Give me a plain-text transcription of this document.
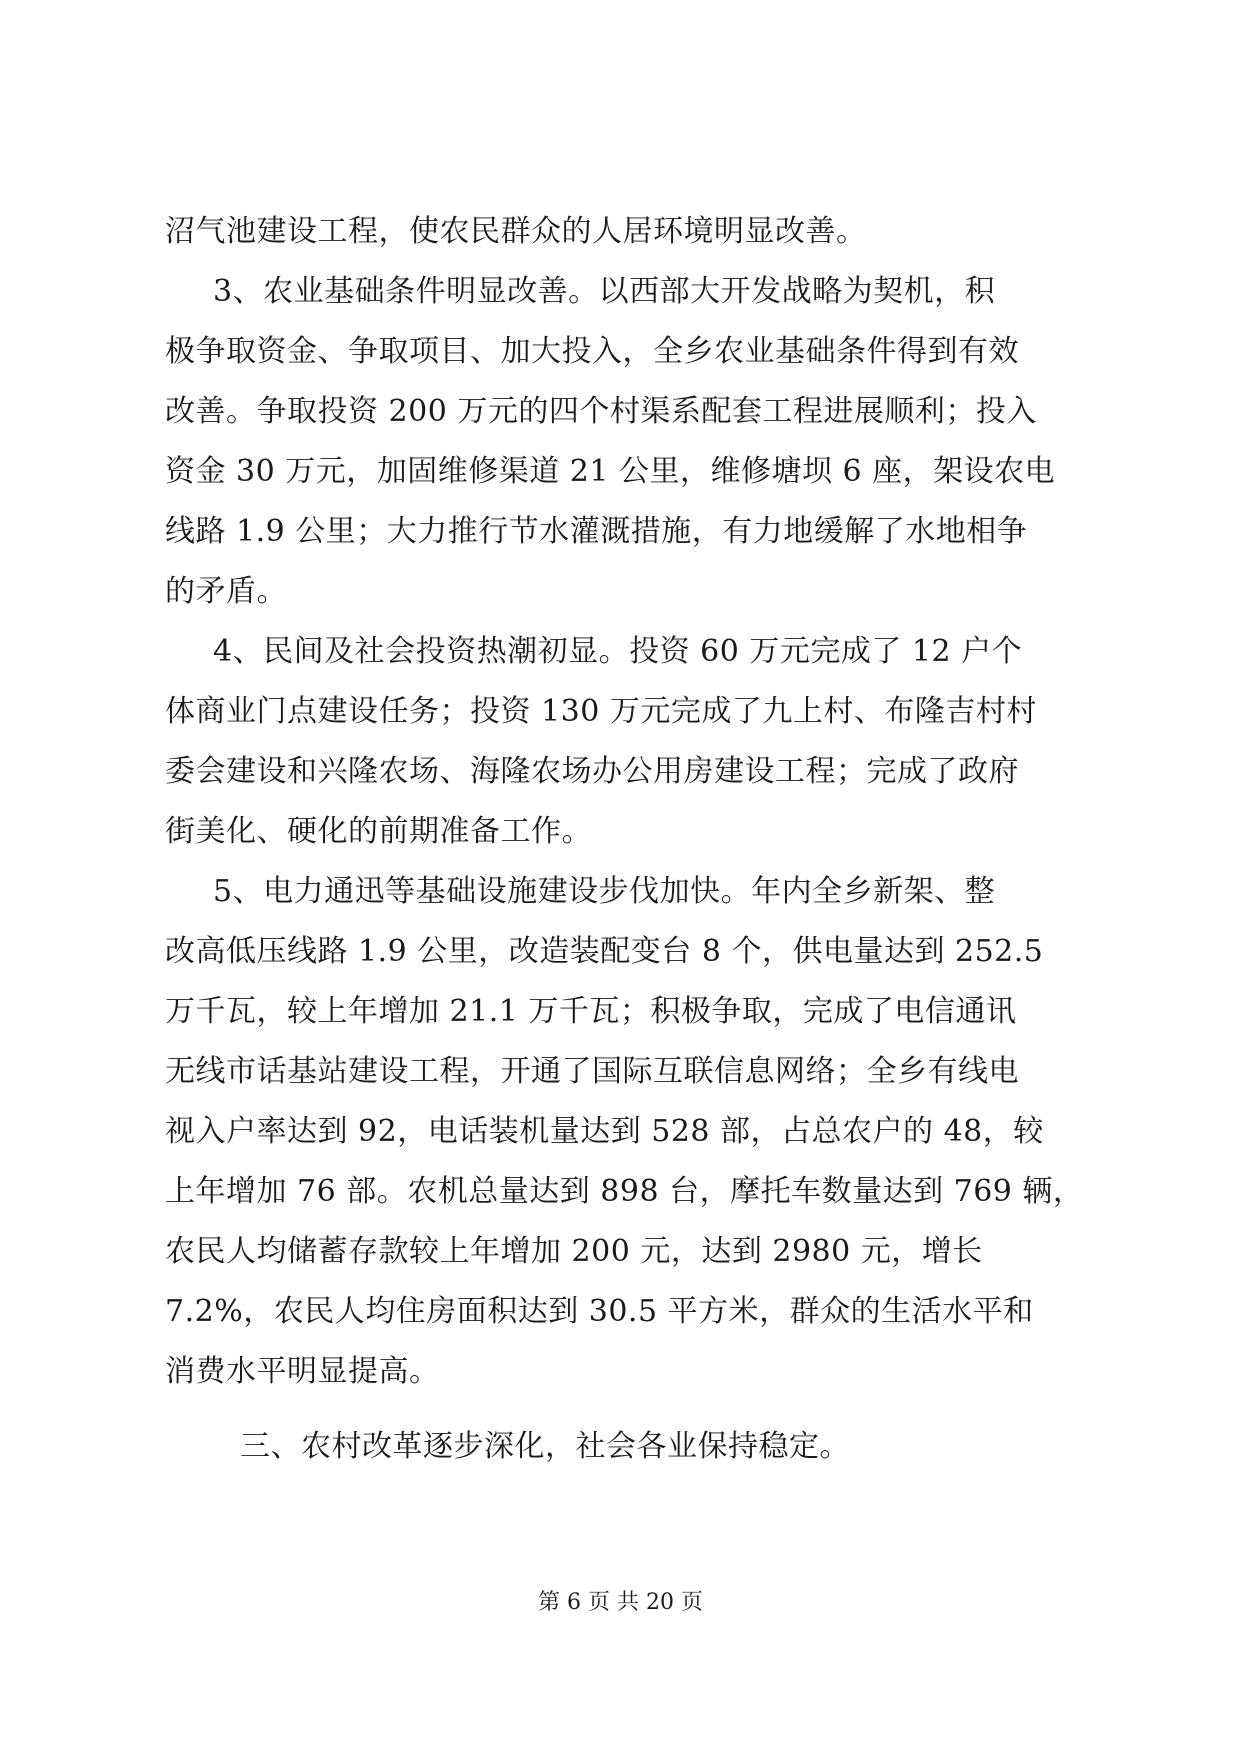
沼气池建设工程，使农民群众的人居环境明显改善。
3、农业基础条件明显改善。以西部大开发战略为契机，积
极争取资金、争取项目、加大投入，全乡农业基础条件得到有效
改善。争取投资 200 万元的四个村渠系配套工程进展顺利；投入
资金 30 万元，加固维修渠道 21 公里，维修塘坝 6 座，架设农电
线路 1.9 公里；大力推行节水灌溉措施，有力地缓解了水地相争
的矛盾。
4、民间及社会投资热潮初显。投资 60 万元完成了 12 户个
体商业门点建设任务；投资 130 万元完成了九上村、布隆吉村村
委会建设和兴隆农场、海隆农场办公用房建设工程；完成了政府
街美化、硬化的前期准备工作。
5、电力通迅等基础设施建设步伐加快。年内全乡新架、整
改高低压线路 1.9 公里，改造装配变台 8 个，供电量达到 252.5
万千瓦，较上年增加 21.1 万千瓦；积极争取，完成了电信通讯
无线市话基站建设工程，开通了国际互联信息网络；全乡有线电
视入户率达到 92，电话装机量达到 528 部，占总农户的 48，较
上年增加 76 部。农机总量达到 898 台，摩托车数量达到 769 辆，
农民人均储蓄存款较上年增加 200 元，达到 2980 元，增长
7.2%，农民人均住房面积达到 30.5 平方米，群众的生活水平和
消费水平明显提高。
三、农村改革逐步深化，社会各业保持稳定。
第 6 页 共 20 页
